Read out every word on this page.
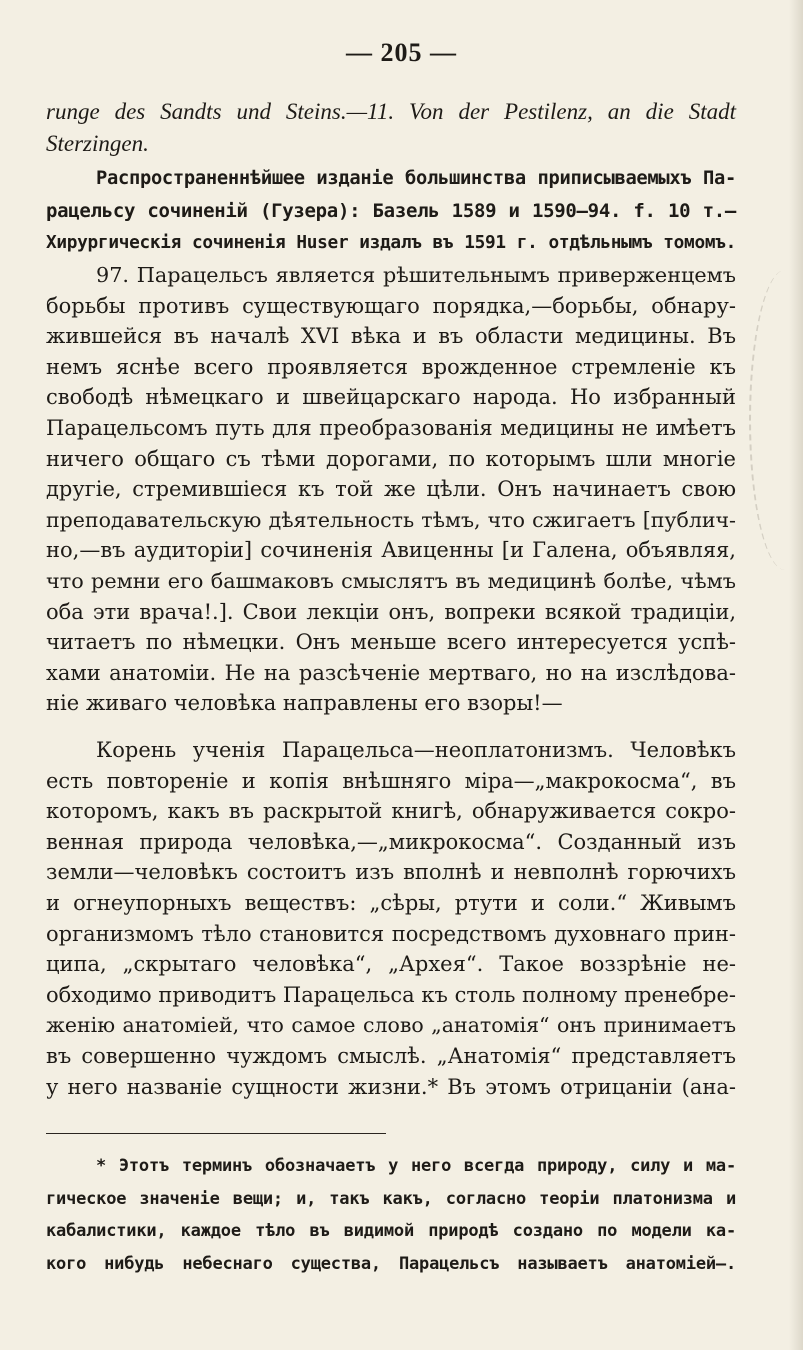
— 205 —
runge des Sandts und Steins.—11. Von der Pestilenz, an die Stadt
Sterzingen.
Распространеннѣйшее изданіе большинства приписываемыхъ Па-
рацельсу сочиненій (Гузера): Базель 1589 и 1590—94. f. 10 т.—
Хирургическія сочиненія Huser издалъ въ 1591 г. отдѣльнымъ томомъ.
97. Парацельсъ является рѣшительнымъ приверженцемъ
борьбы противъ существующаго порядка,—борьбы, обнару-
жившейся въ началѣ XVI вѣка и въ области медицины. Въ
немъ яснѣе всего проявляется врожденное стремленіе къ
свободѣ нѣмецкаго и швейцарскаго народа. Но избранный
Парацельсомъ путь для преобразованія медицины не имѣетъ
ничего общаго съ тѣми дорогами, по которымъ шли многіе
другіе, стремившіеся къ той же цѣли. Онъ начинаетъ свою
преподавательскую дѣятельность тѣмъ, что сжигаетъ [публич-
но,—въ аудиторіи] сочиненія Авиценны [и Галена, объявляя,
что ремни его башмаковъ смыслятъ въ медицинѣ болѣе, чѣмъ
оба эти врача!.]. Свои лекціи онъ, вопреки всякой традиціи,
читаетъ по нѣмецки. Онъ меньше всего интересуется успѣ-
хами анатоміи. Не на разсѣченіе мертваго, но на изслѣдова-
ніе живаго человѣка направлены его взоры!—
Корень ученія Парацельса—неоплатонизмъ. Человѣкъ
есть повтореніе и копія внѣшняго міра—„макрокосма“, въ
которомъ, какъ въ раскрытой книгѣ, обнаруживается сокро-
венная природа человѣка,—„микрокосма“. Созданный изъ
земли—человѣкъ состоитъ изъ вполнѣ и невполнѣ горючихъ
и огнеупорныхъ веществъ: „сѣры, ртути и соли.“ Живымъ
организмомъ тѣло становится посредствомъ духовнаго прин-
ципа, „скрытаго человѣка“, „Архея“. Такое воззрѣніе не-
обходимо приводитъ Парацельса къ столь полному пренебре-
женію анатоміей, что самое слово „анатомія“ онъ принимаетъ
въ совершенно чуждомъ смыслѣ. „Анатомія“ представляетъ
у него названіе сущности жизни.* Въ этомъ отрицаніи (ана-
* Этотъ терминъ обозначаетъ у него всегда природу, силу и ма-
гическое значеніе вещи; и, такъ какъ, согласно теоріи платонизма и
кабалистики, каждое тѣло въ видимой природѣ создано по модели ка-
кого нибудь небеснаго существа, Парацельсъ называетъ анатоміей—.
